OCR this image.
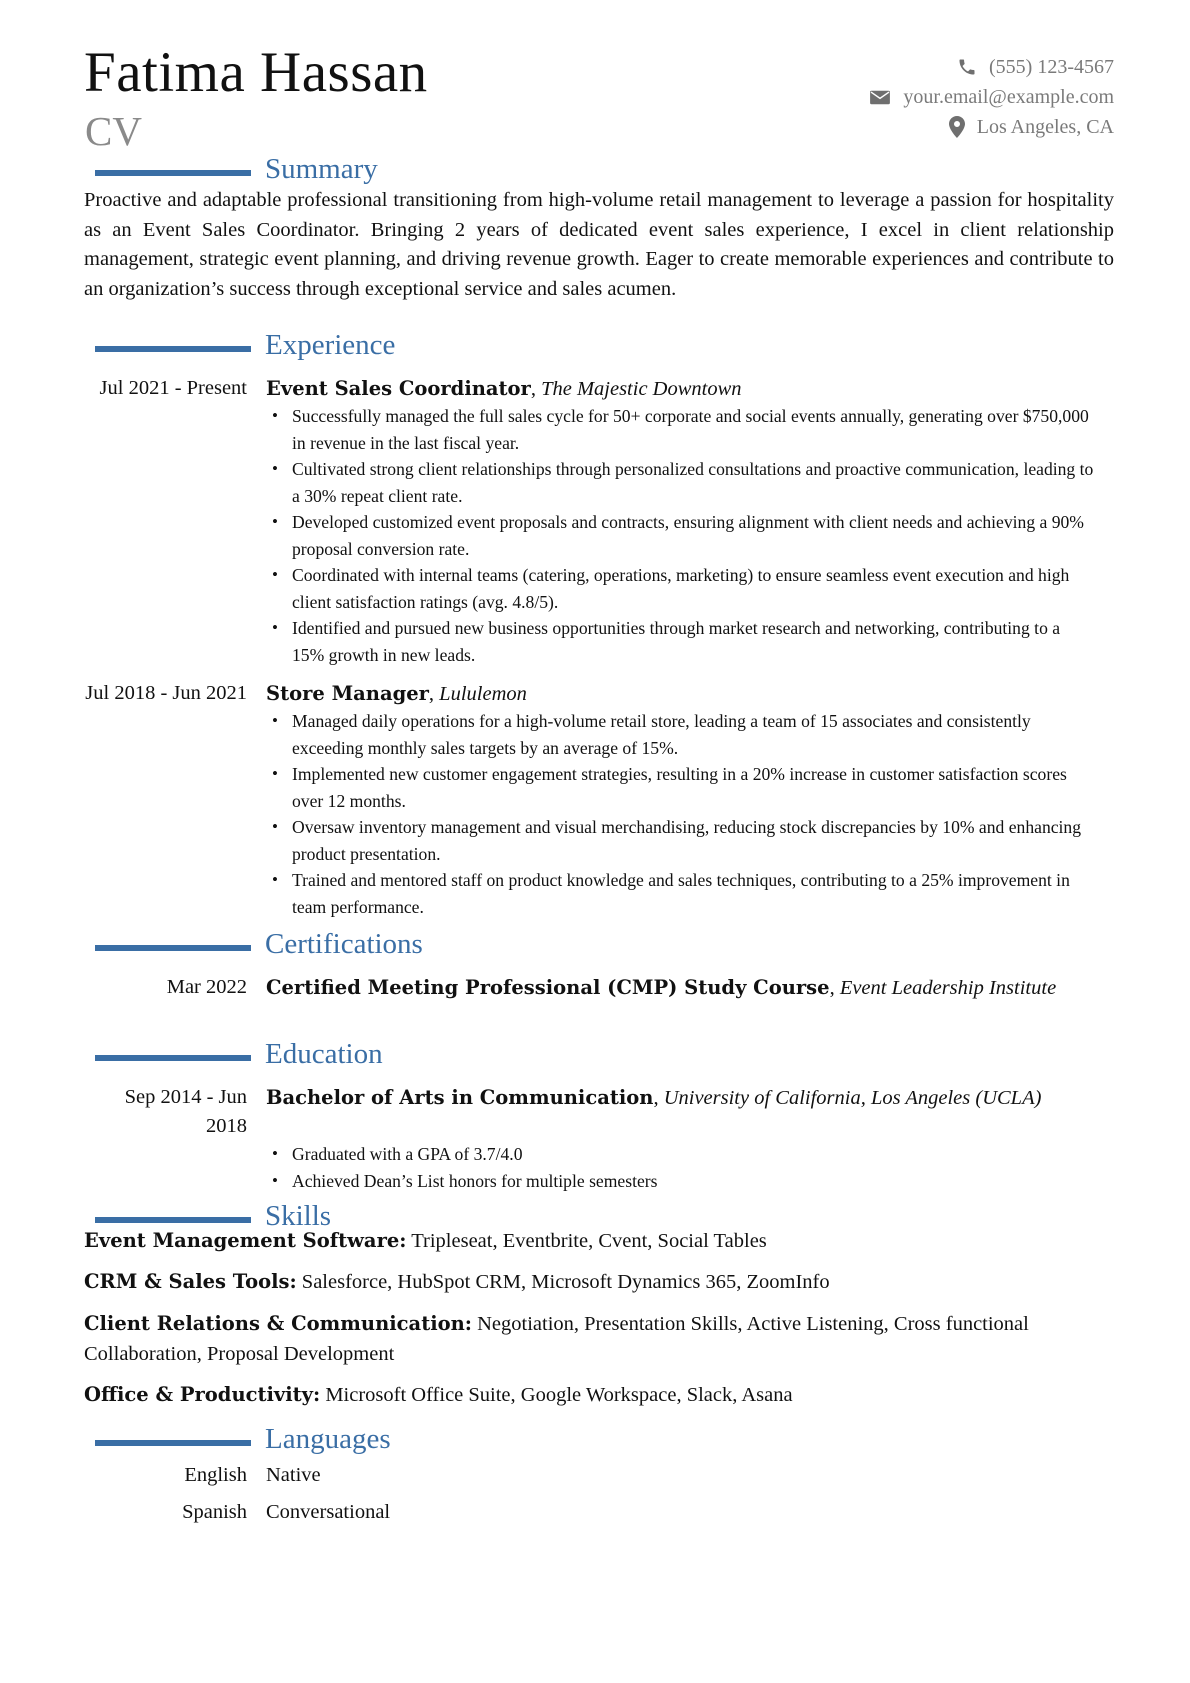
Fatima Hassan
CV
(555) 123-4567
your.email@example.com
Los Angeles, CA
Summary
Proactive and adaptable professional transitioning from high-volume retail management to leverage a passion for hospitality as an Event Sales Coordinator. Bringing 2 years of dedicated event sales experience, I excel in client relationship management, strategic event planning, and driving revenue growth. Eager to create memorable experiences and contribute to an organization’s success through exceptional service and sales acumen.
Experience
Jul 2021 - Present Event Sales Coordinator, The Majestic Downtown
• Successfully managed the full sales cycle for 50+ corporate and social events annually, generating over $750,000 in revenue in the last fiscal year.
• Cultivated strong client relationships through personalized consultations and proactive communication, leading to a 30% repeat client rate.
• Developed customized event proposals and contracts, ensuring alignment with client needs and achieving a 90% proposal conversion rate.
• Coordinated with internal teams (catering, operations, marketing) to ensure seamless event execution and high client satisfaction ratings (avg. 4.8/5).
• Identified and pursued new business opportunities through market research and networking, contributing to a 15% growth in new leads.
Jul 2018 - Jun 2021 Store Manager, Lululemon
• Managed daily operations for a high-volume retail store, leading a team of 15 associates and consistently exceeding monthly sales targets by an average of 15%.
• Implemented new customer engagement strategies, resulting in a 20% increase in customer satisfaction scores over 12 months.
• Oversaw inventory management and visual merchandising, reducing stock discrepancies by 10% and enhancing product presentation.
• Trained and mentored staff on product knowledge and sales techniques, contributing to a 25% improvement in team performance.
Certifications
Mar 2022 Certified Meeting Professional (CMP) Study Course, Event Leadership Institute
Education
Sep 2014 - Jun 2018
Bachelor of Arts in Communication, University of California, Los Angeles (UCLA)
• Graduated with a GPA of 3.7/4.0
• Achieved Dean’s List honors for multiple semesters
Skills
Event Management Software: Tripleseat, Eventbrite, Cvent, Social Tables
CRM & Sales Tools: Salesforce, HubSpot CRM, Microsoft Dynamics 365, ZoomInfo
Client Relations & Communication: Negotiation, Presentation Skills, Active Listening, Cross functional Collaboration, Proposal Development
Office & Productivity: Microsoft Office Suite, Google Workspace, Slack, Asana
Languages
English Native
Spanish Conversational
